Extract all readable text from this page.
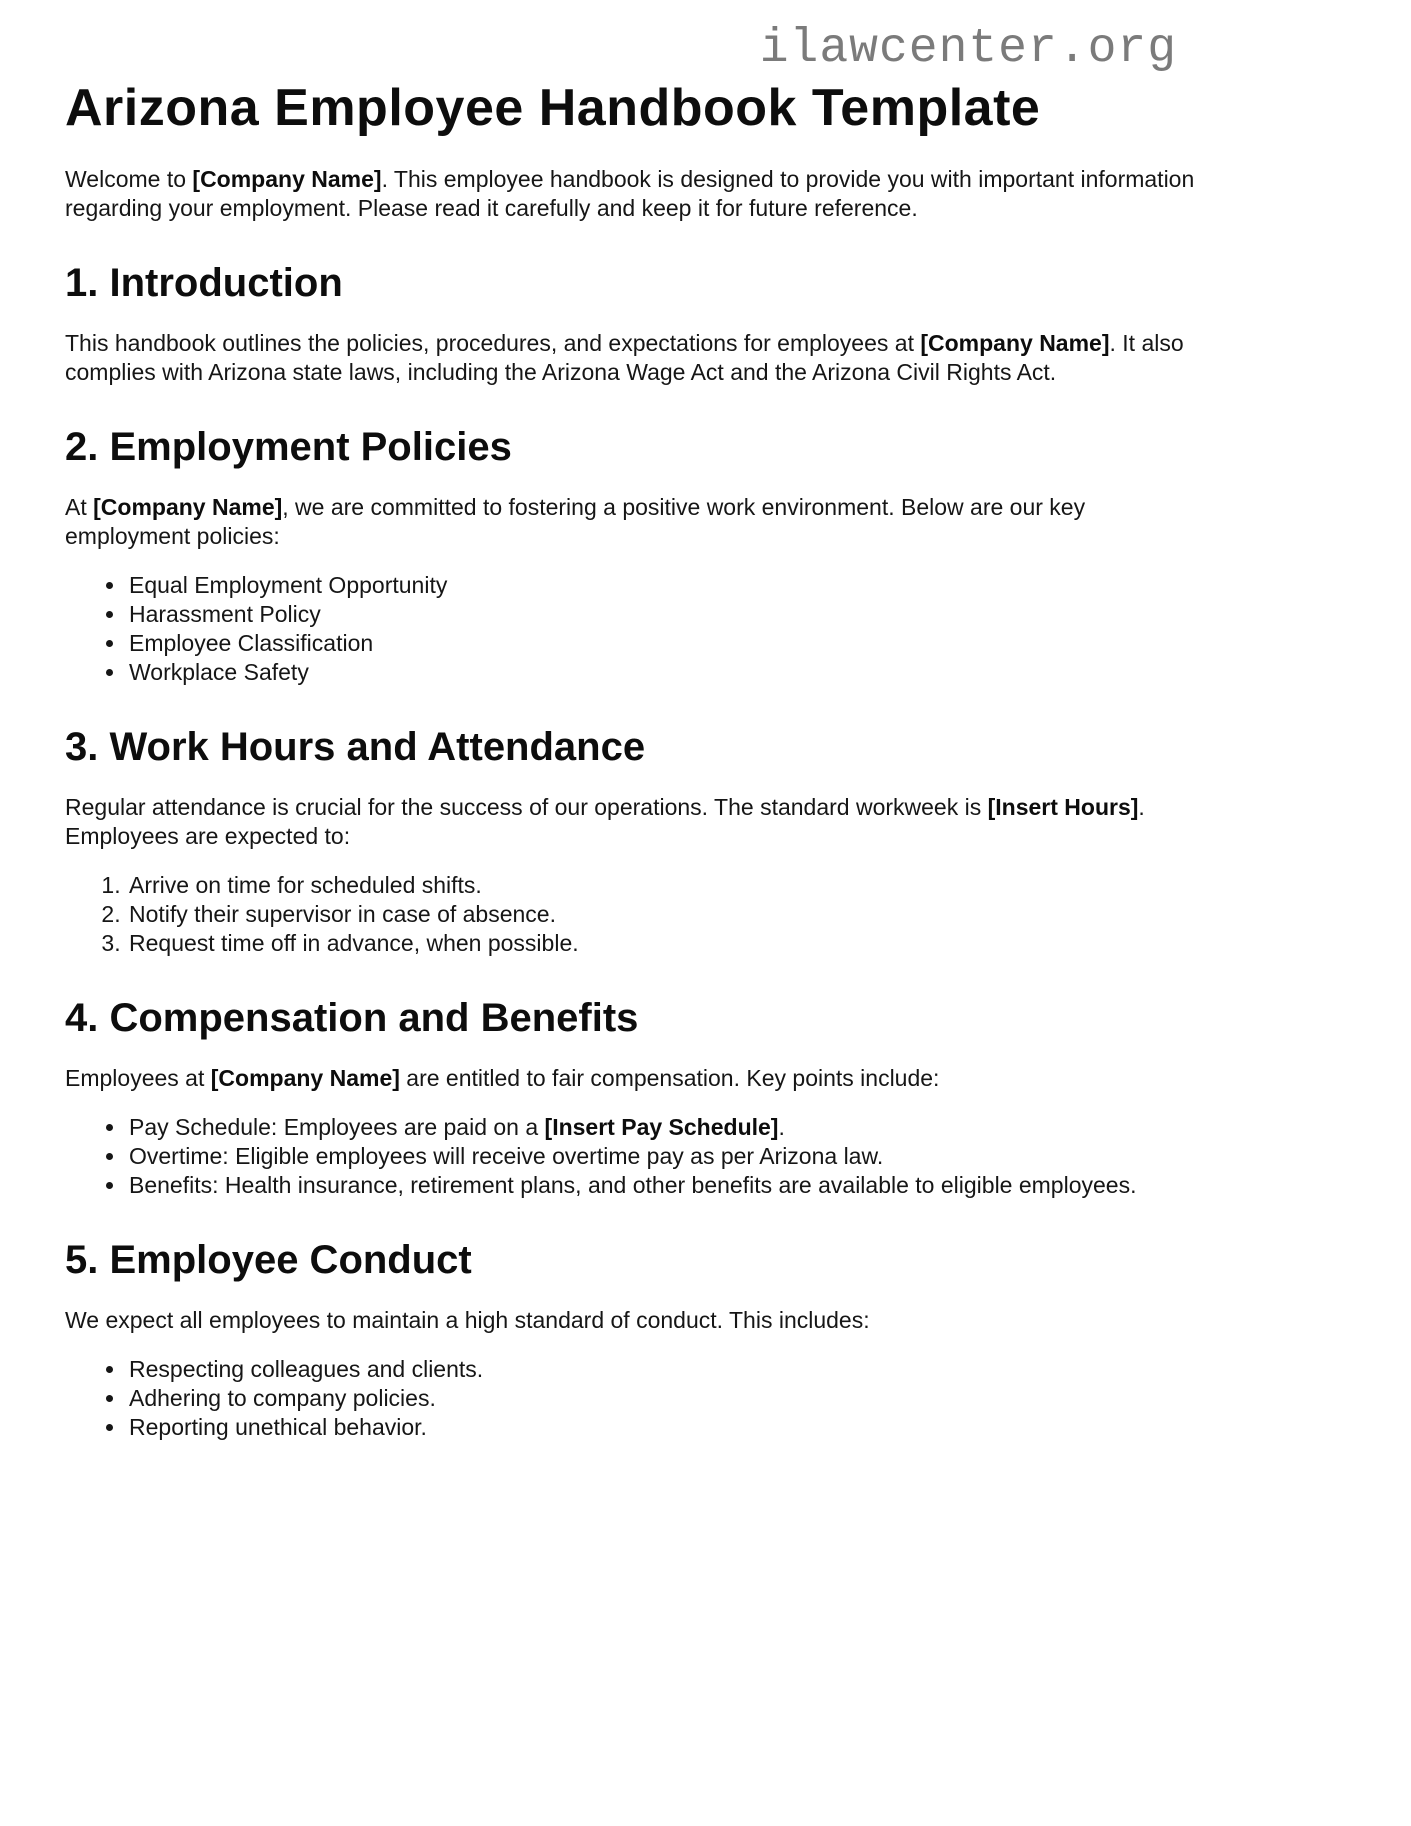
ilawcenter.org
Arizona Employee Handbook Template

Welcome to [Company Name]. This employee handbook is designed to provide you with important information regarding your employment. Please read it carefully and keep it for future reference.

1. Introduction

This handbook outlines the policies, procedures, and expectations for employees at [Company Name]. It also complies with Arizona state laws, including the Arizona Wage Act and the Arizona Civil Rights Act.

2. Employment Policies

At [Company Name], we are committed to fostering a positive work environment. Below are our key employment policies:

• Equal Employment Opportunity
• Harassment Policy
• Employee Classification
• Workplace Safety
3. Work Hours and Attendance

Regular attendance is crucial for the success of our operations. The standard workweek is [Insert Hours]. Employees are expected to:

1. Arrive on time for scheduled shifts.
2. Notify their supervisor in case of absence.
3. Request time off in advance, when possible.
4. Compensation and Benefits

Employees at [Company Name] are entitled to fair compensation. Key points include:

• Pay Schedule: Employees are paid on a [Insert Pay Schedule].
• Overtime: Eligible employees will receive overtime pay as per Arizona law.
• Benefits: Health insurance, retirement plans, and other benefits are available to eligible employees.
5. Employee Conduct

We expect all employees to maintain a high standard of conduct. This includes:

• Respecting colleagues and clients.
• Adhering to company policies.
• Reporting unethical behavior.
